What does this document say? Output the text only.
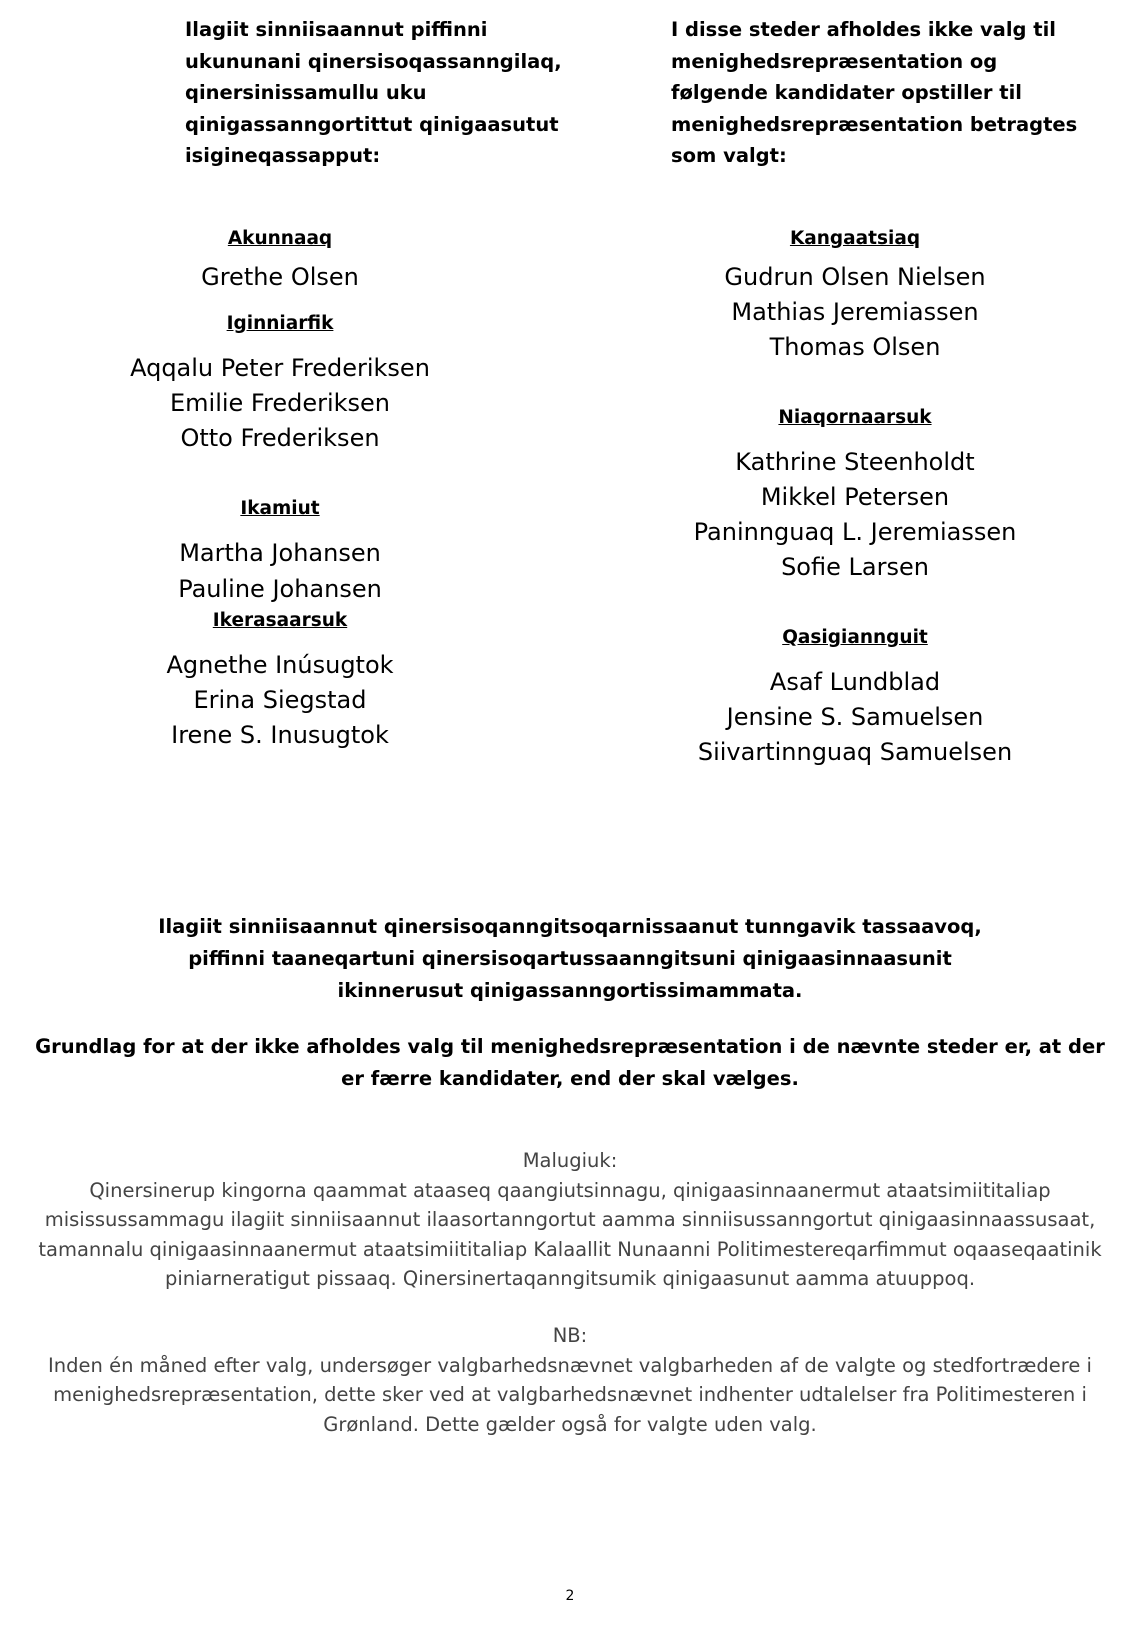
Ilagiit sinniisaannut piffinni ukununani qinersisoqassanngilaq, qinersinissamullu uku qinigassanngortittut qinigaasutut isigineqassapput:

I disse steder afholdes ikke valg til menighedsrepræsentation og følgende kandidater opstiller til menighedsrepræsentation betragtes som valgt:

Akunnaaq

Grethe Olsen

Iginniarfik

Aqqalu Peter Frederiksen
Emilie Frederiksen
Otto Frederiksen

Ikamiut

Martha Johansen
Pauline Johansen

Ikerasaarsuk

Agnethe Inúsugtok
Erina Siegstad
Irene S. Inusugtok

Kangaatsiaq

Gudrun Olsen Nielsen
Mathias Jeremiassen
Thomas Olsen

Niaqornaarsuk

Kathrine Steenholdt
Mikkel Petersen
Paninnguaq L. Jeremiassen
Sofie Larsen

Qasigiannguit

Asaf Lundblad
Jensine S. Samuelsen
Siivartinnguaq Samuelsen

Ilagiit sinniisaannut qinersisoqanngitsoqarnissaanut tunngavik tassaavoq, piffinni taaneqartuni qinersisoqartussaanngitsuni qinigaasinnaasunit ikinnerusut qinigassanngortissimammata.

Grundlag for at der ikke afholdes valg til menighedsrepræsentation i de nævnte steder er, at der er færre kandidater, end der skal vælges.

Malugiuk:
Qinersinerup kingorna qaammat ataaseq qaangiutsinnagu, qinigaasinnaanermut ataatsimiititaliap misissussammagu ilagiit sinniisaannut ilaasortanngortut aamma sinniisussanngortut qinigaasinnaassusaat, tamannalu qinigaasinnaanermut ataatsimiititaliap Kalaallit Nunaanni Politimestereqarfimmut oqaaseqaatinik piniarneratigut pissaaq. Qinersinertaqanngitsumik qinigaasunut aamma atuuppoq.
NB:
Inden én måned efter valg, undersøger valgbarhedsnævnet valgbarheden af de valgte og stedfortrædere i menighedsrepræsentation, dette sker ved at valgbarhedsnævnet indhenter udtalelser fra Politimesteren i Grønland. Dette gælder også for valgte uden valg.
2
